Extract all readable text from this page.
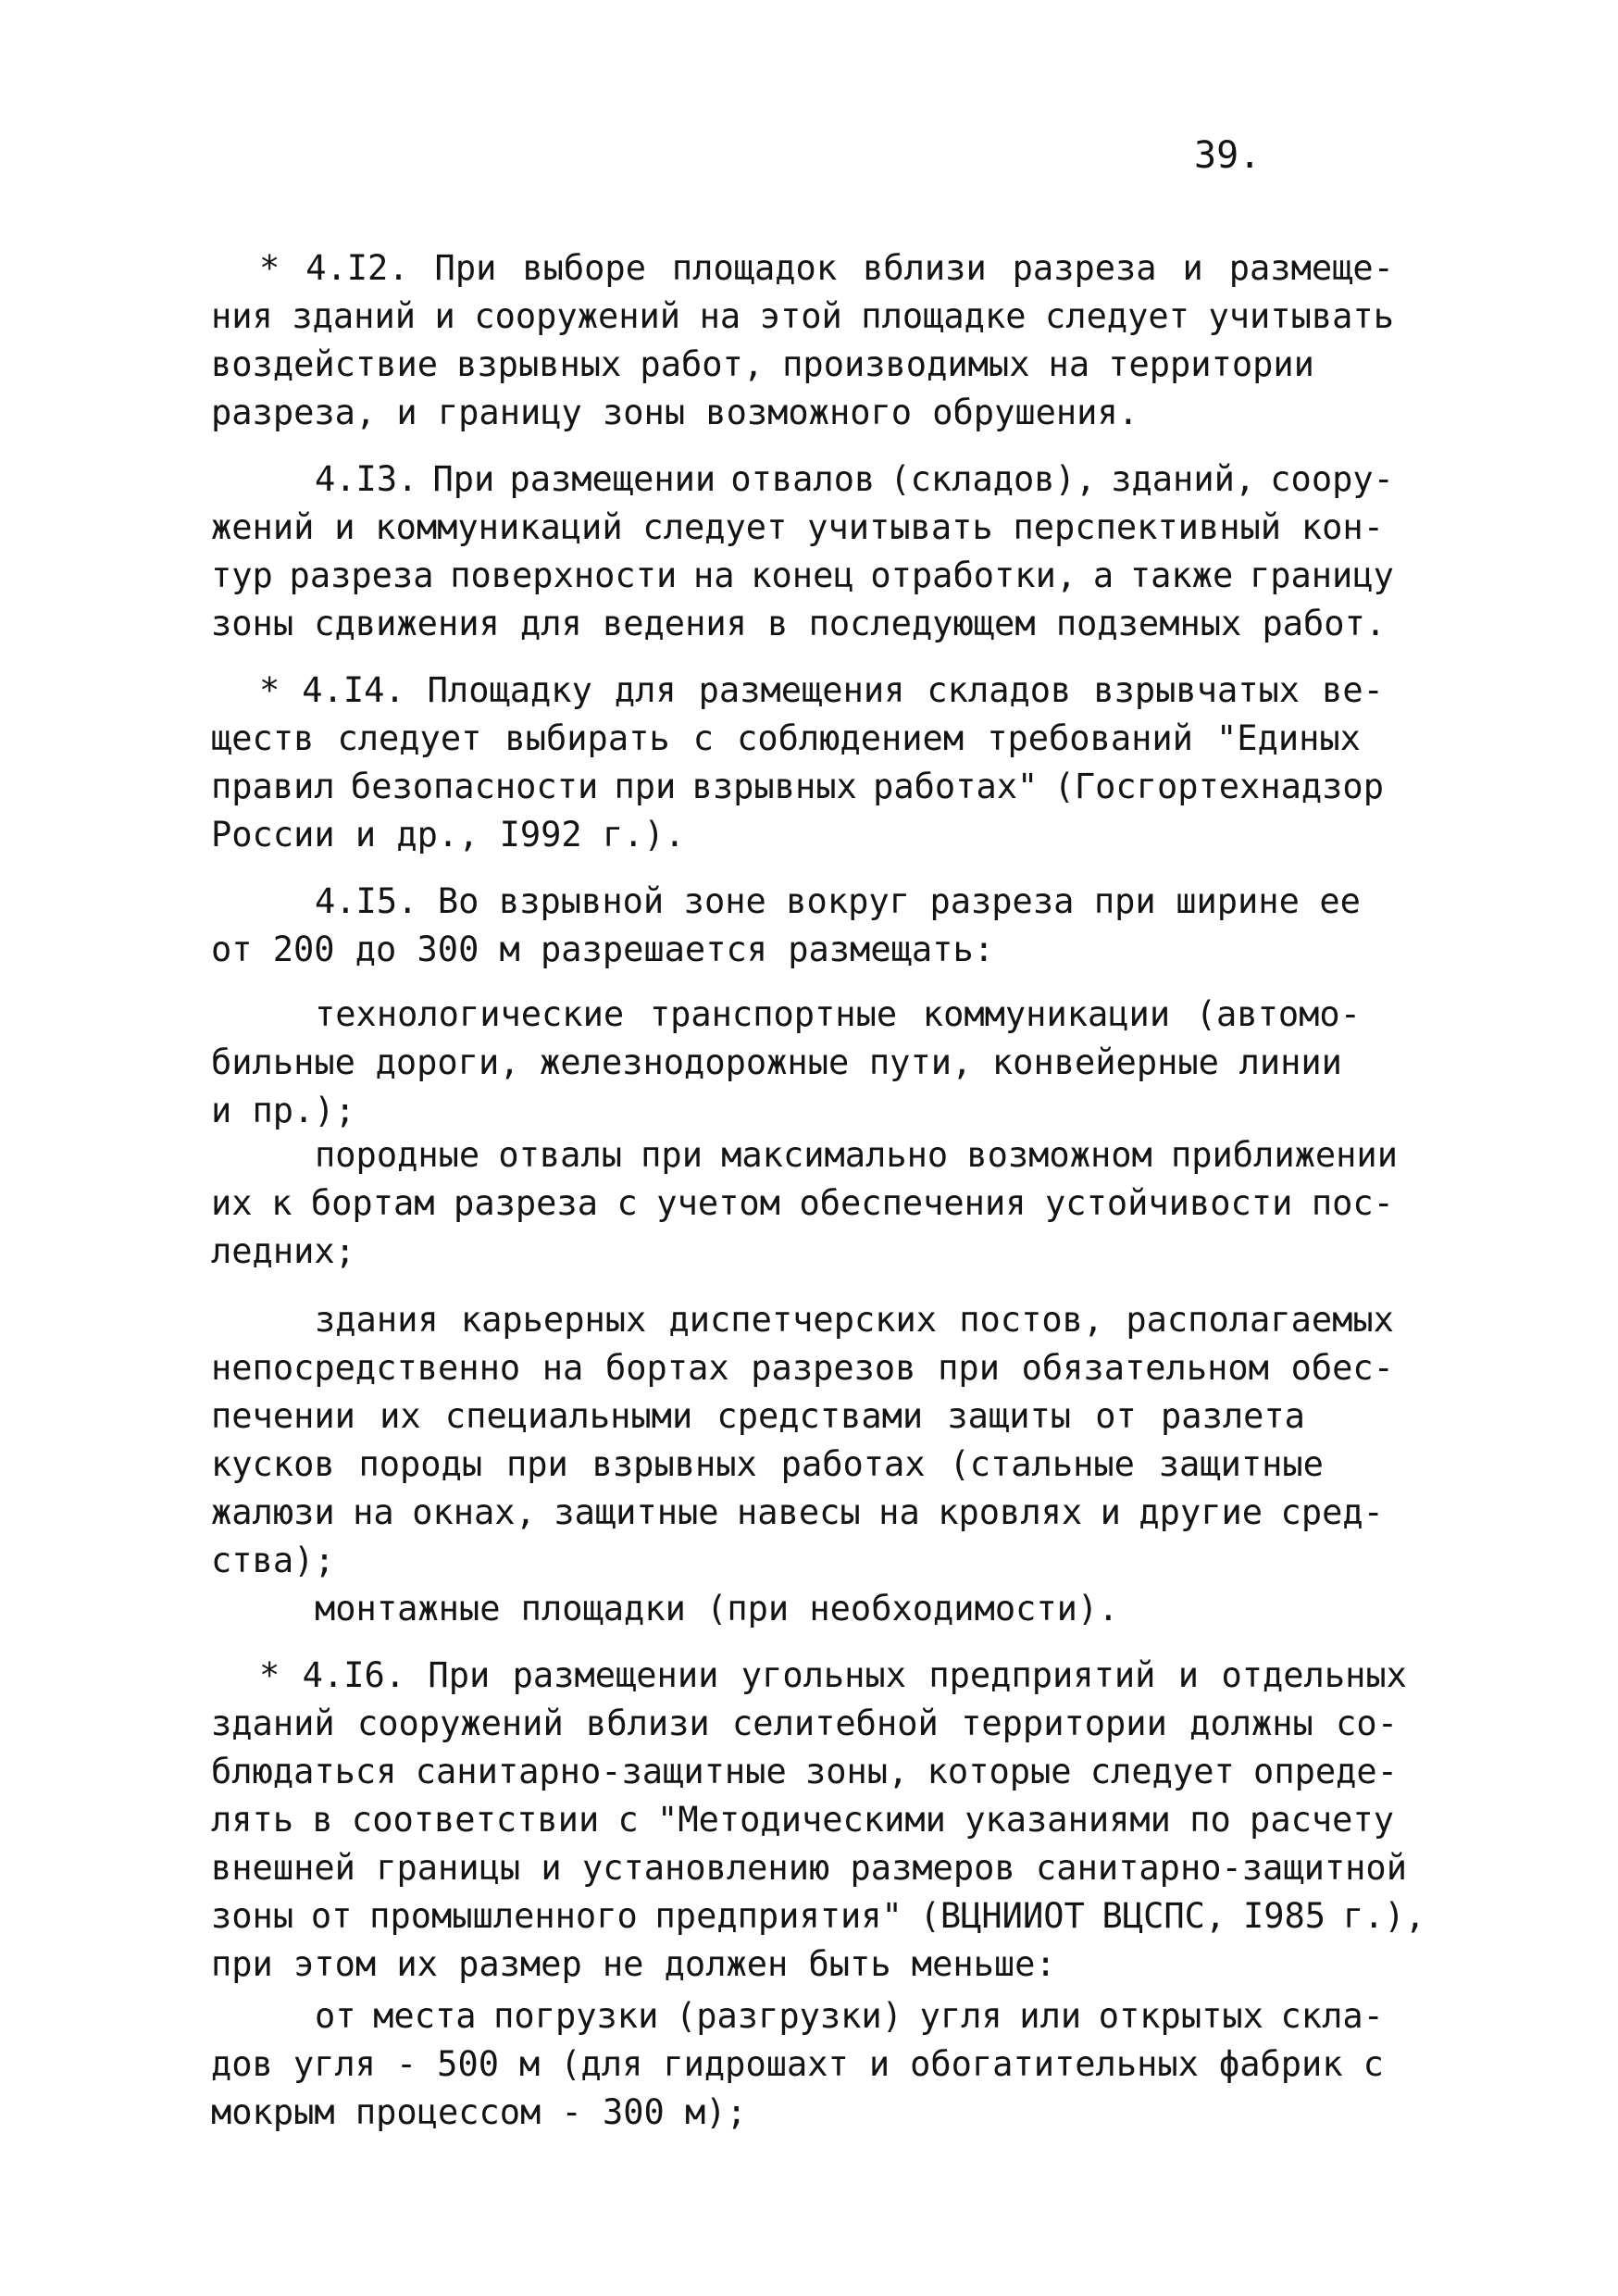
39.
* 4.I2. При выборе площадок вблизи разреза и размеще-
ния зданий и сооружений на этой площадке следует учитывать
воздействие взрывных работ, производимых на территории
разреза, и границу зоны возможного обрушения.
4.I3. При размещении отвалов (складов), зданий, соору-
жений и коммуникаций следует учитывать перспективный кон-
тур разреза поверхности на конец отработки, а также границу
зоны сдвижения для ведения в последующем подземных работ.
* 4.I4. Площадку для размещения складов взрывчатых ве-
ществ следует выбирать с соблюдением требований "Единых
правил безопасности при взрывных работах" (Госгортехнадзор
России и др., I992 г.).
4.I5. Во взрывной зоне вокруг разреза при ширине ее
от 200 до 300 м разрешается размещать:
технологические транспортные коммуникации (автомо-
бильные дороги, железнодорожные пути, конвейерные линии
и пр.);
породные отвалы при максимально возможном приближении
их к бортам разреза с учетом обеспечения устойчивости пос-
ледних;
здания карьерных диспетчерских постов, располагаемых
непосредственно на бортах разрезов при обязательном обес-
печении их специальными средствами защиты от разлета
кусков породы при взрывных работах (стальные защитные
жалюзи на окнах, защитные навесы на кровлях и другие сред-
ства);
монтажные площадки (при необходимости).
* 4.I6. При размещении угольных предприятий и отдельных
зданий сооружений вблизи селитебной территории должны со-
блюдаться санитарно-защитные зоны, которые следует опреде-
лять в соответствии с "Методическими указаниями по расчету
внешней границы и установлению размеров санитарно-защитной
зоны от промышленного предприятия" (ВЦНИИОТ ВЦСПС, I985 г.),
при этом их размер не должен быть меньше:
от места погрузки (разгрузки) угля или открытых скла-
дов угля - 500 м (для гидрошахт и обогатительных фабрик с
мокрым процессом - 300 м);
